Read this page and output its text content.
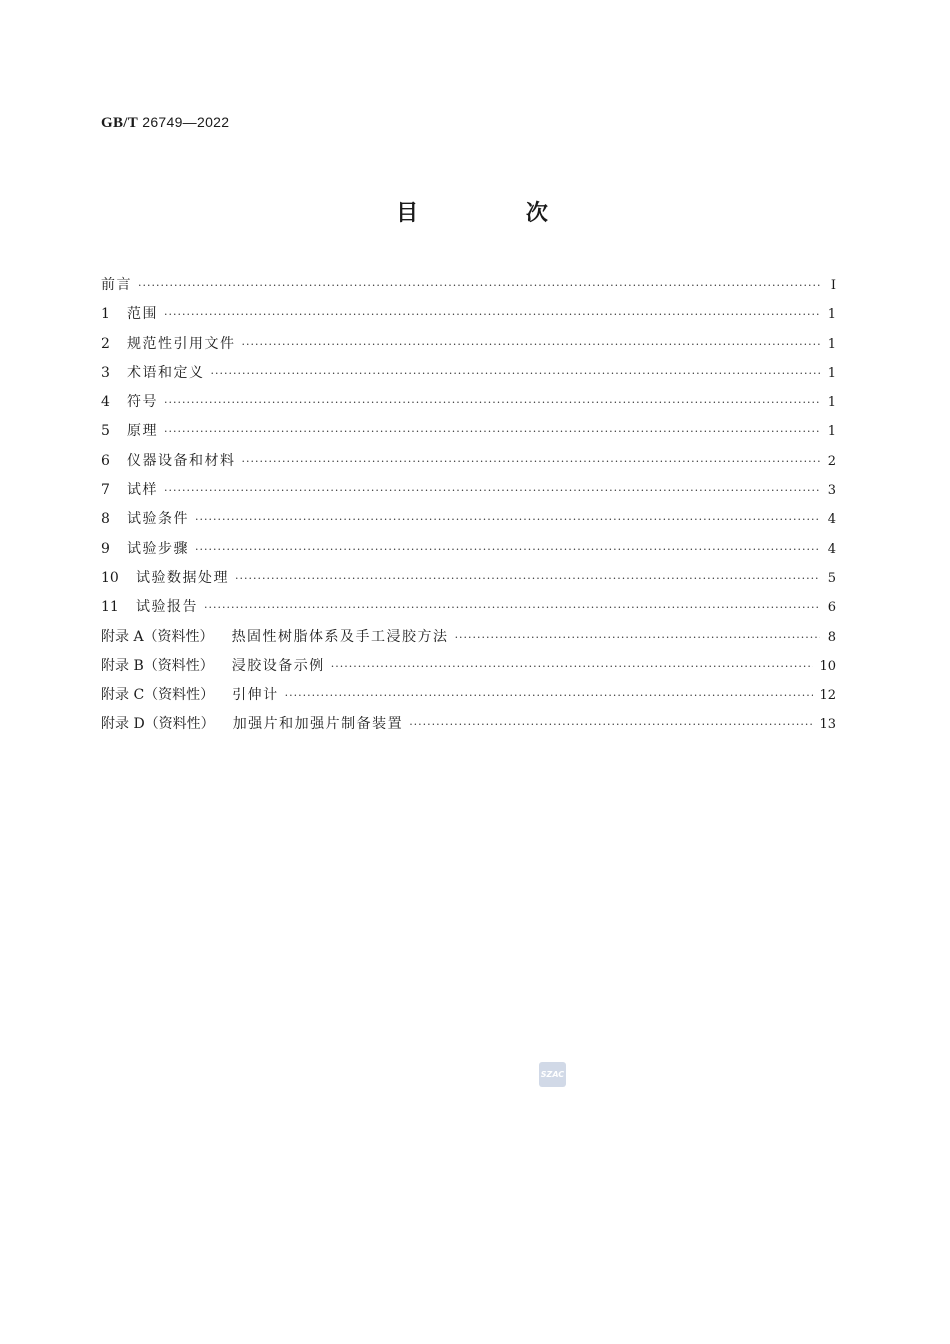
GB/T 26749—2022
目 次
前言 ·····	Ⅰ
1	范围 ·····	1
2	规范性引用文件 ·····	1
3	术语和定义 ·····	1
4	符号 ·····	1
5	原理 ·····	1
6	仪器设备和材料 ·····	2
7	试样 ·····	3
8	试验条件 ·····	4
9	试验步骤 ·····	4
10	试验数据处理 ·····	5
11	试验报告 ·····	6
附录 A（资料性） 热固性树脂体系及手工浸胶方法 ·····	8
附录 B（资料性） 浸胶设备示例 ·····	10
附录 C（资料性） 引伸计 ·····	12
附录 D（资料性） 加强片和加强片制备装置 ·····	13
SZAC
